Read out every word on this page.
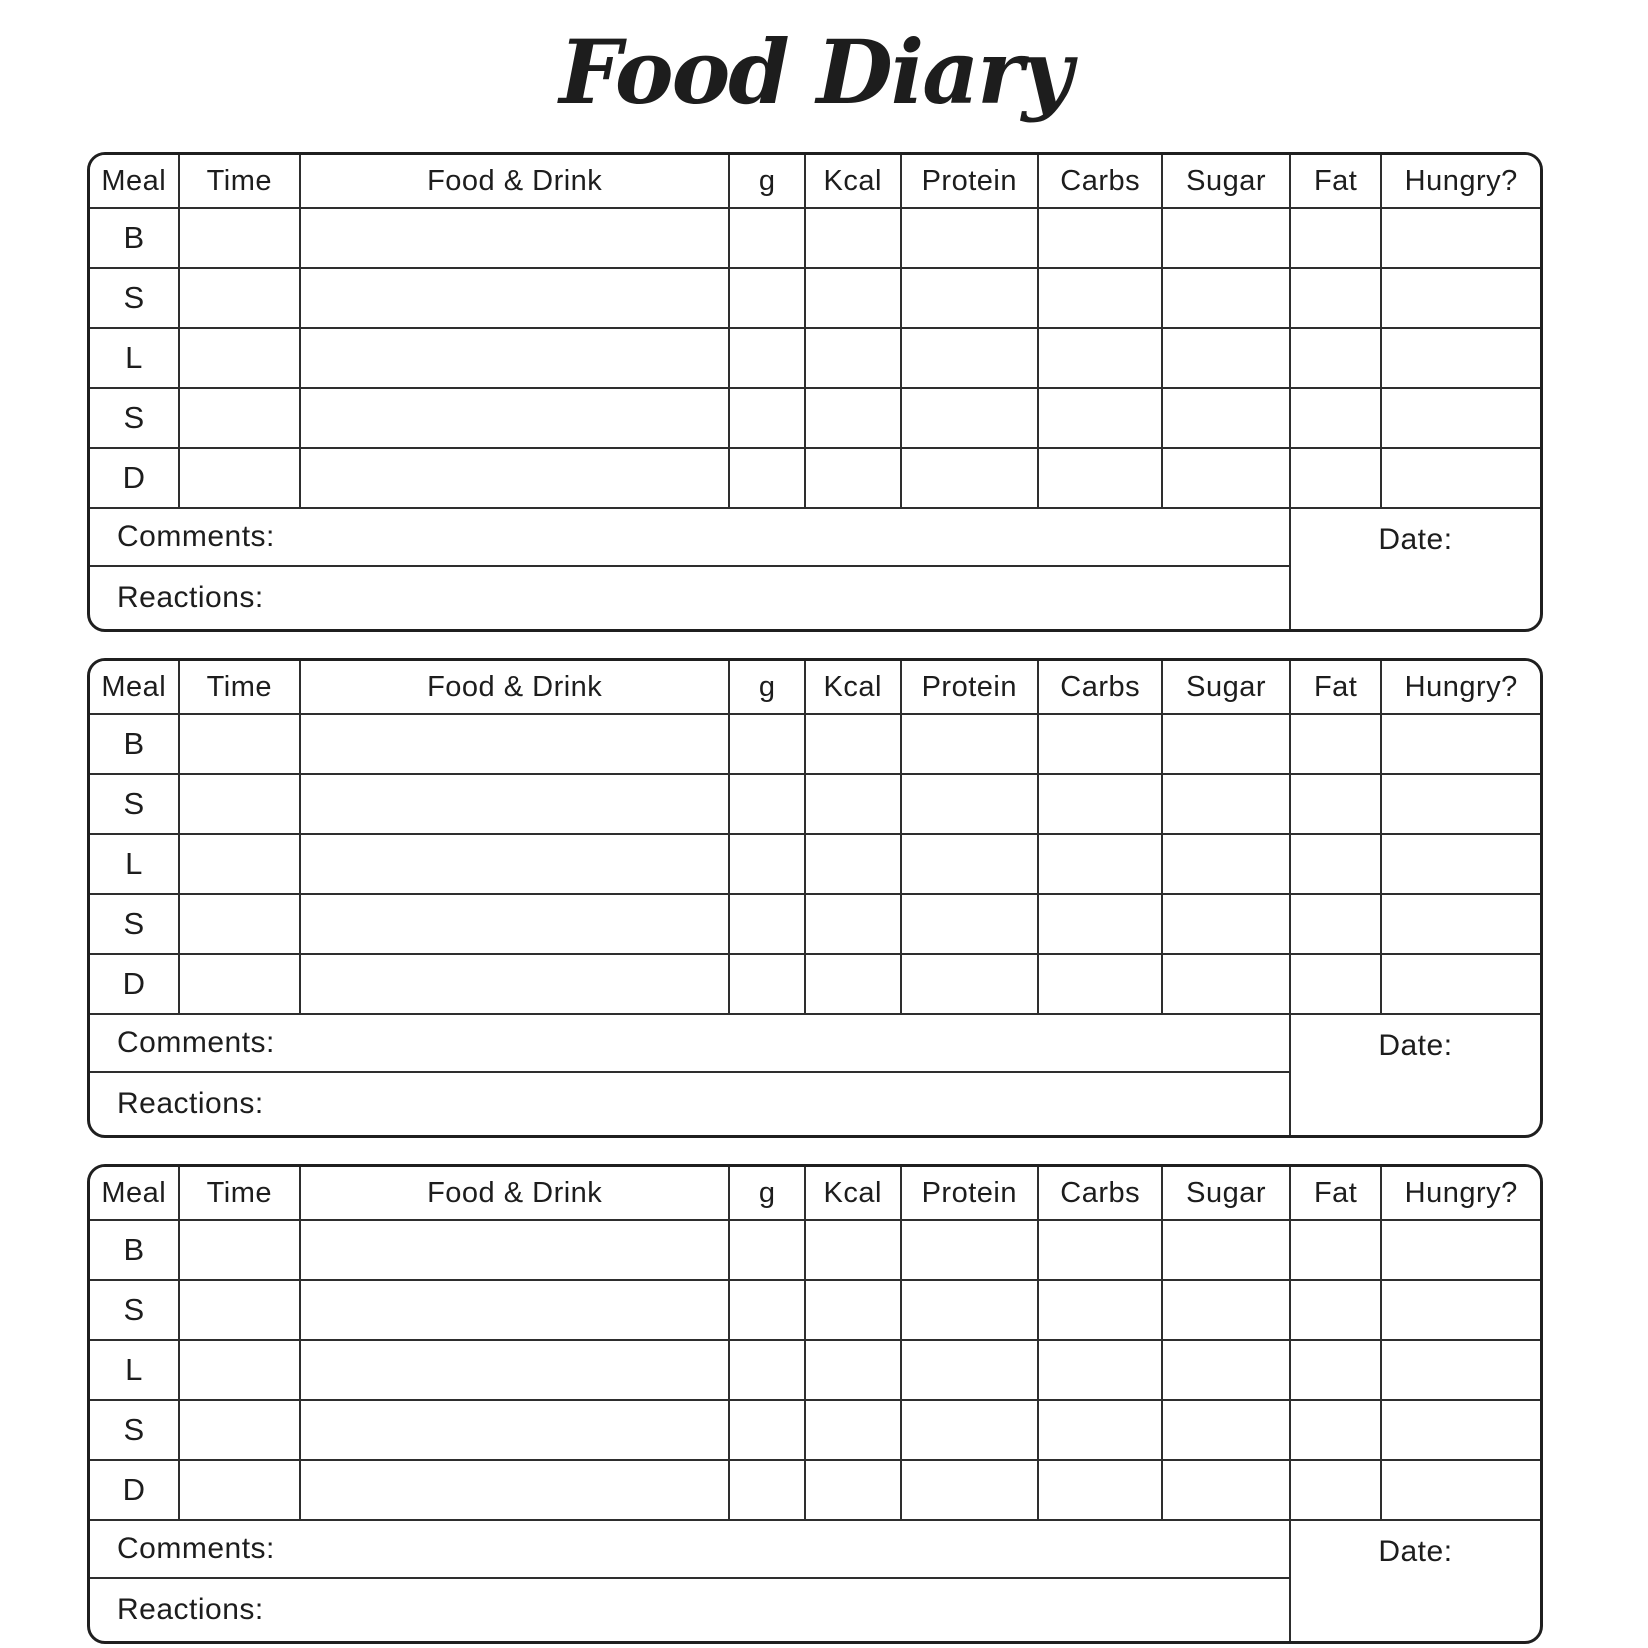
Food Diary
Meal	Time	Food & Drink	g	Kcal	Protein	Carbs	Sugar	Fat	Hungry?
B
S
L
S
D
Comments:
Reactions:
Date:
Meal	Time	Food & Drink	g	Kcal	Protein	Carbs	Sugar	Fat	Hungry?
B
S
L
S
D
Comments:
Reactions:
Date:
Meal	Time	Food & Drink	g	Kcal	Protein	Carbs	Sugar	Fat	Hungry?
B
S
L
S
D
Comments:
Reactions:
Date:
